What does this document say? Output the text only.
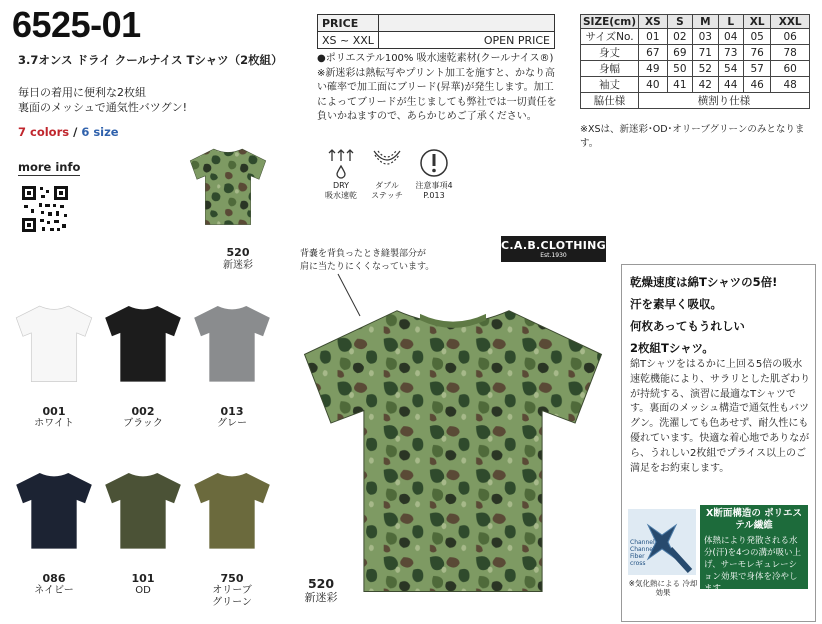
6525-01
3.7オンス ドライ クールナイス Tシャツ（2枚組）
毎日の着用に便利な2枚組
裏面のメッシュで通気性バツグン!
7 colors / 6 size
more info
PRICE	
XS ~ XXL	OPEN PRICE
●ポリエステル100% 吸水速乾素材(クールナイス®)
※新迷彩は熱転写やプリント加工を施すと、かなり高い確率で加工面にブリード(昇華)が発生します。加工によってブリードが生じましても弊社では一切責任を負いかねますので、あらかじめご了承ください。
DRY
吸水速乾
ダブル
ステッチ
注意事項4
P.013
SIZE(cm)	XS	S	M	L	XL	XXL
サイズNo.	01	02	03	04	05	06
身丈	67	69	71	73	76	78
身幅	49	50	52	54	57	60
袖丈	40	41	42	44	46	48
脇仕様	横割り仕様					
※XSは、新迷彩･OD･オリーブグリーンのみとなります。
520
新迷彩
001
ホワイト
002
ブラック
013
グレー
086
ネイビー
101
OD
750
オリーブ
グリーン
背嚢を背負ったとき縫製部分が
肩に当たりにくくなっています。
C.A.B.CLOTHING
Est.1930
520
新迷彩
乾燥速度は綿Tシャツの5倍!
汗を素早く吸収。
何枚あってもうれしい
2枚組Tシャツ。
綿Tシャツをはるかに上回る5倍の吸水速乾機能により、サラリとした肌ざわりが持続する、演習に最適なTシャツです。裏面のメッシュ構造で通気性もバツグン。洗濯しても色あせず、耐久性にも優れています。快適な着心地でありながら、うれしい2枚組でプライス以上のご満足をお約束します。
Channel Channel Fiber cross
X断面構造の ポリエステル繊維
体熱により発散される水分(汗)を4つの溝が吸い上げ、サーモレギュレーション効果で身体を冷やします。
※気化熱による 冷却効果
